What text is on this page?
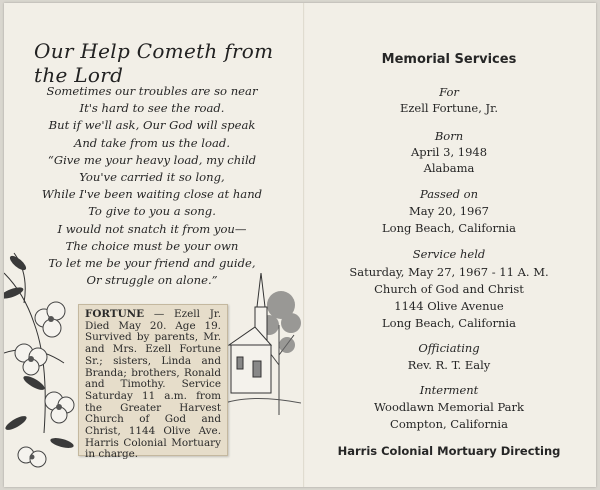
Our Help Cometh from the Lord
Sometimes our troubles are so near
It's hard to see the road.
But if we'll ask, Our God will speak
And take from us the load.
“Give me your heavy load, my child
You've carried it so long,
While I've been waiting close at hand
To give to you a song.
I would not snatch it from you—
The choice must be your own
To let me be your friend and guide,
Or struggle on alone.”
FORTUNE — Ezell Jr. Died May 20. Age 19. Survived by parents, Mr. and Mrs. Ezell Fortune Sr.; sisters, Linda and Branda; brothers, Ronald and Timothy. Service Saturday 11 a.m. from the Greater Harvest Church of God and Christ, 1144 Olive Ave. Harris Colonial Mortuary in charge.
Memorial Services
For
Ezell Fortune, Jr.
Born
April 3, 1948
Alabama
Passed on
May 20, 1967
Long Beach, California
Service held
Saturday, May 27, 1967 - 11 A. M.
Church of God and Christ
1144 Olive Avenue
Long Beach, California
Officiating
Rev. R. T. Ealy
Interment
Woodlawn Memorial Park
Compton, California
Harris Colonial Mortuary Directing
